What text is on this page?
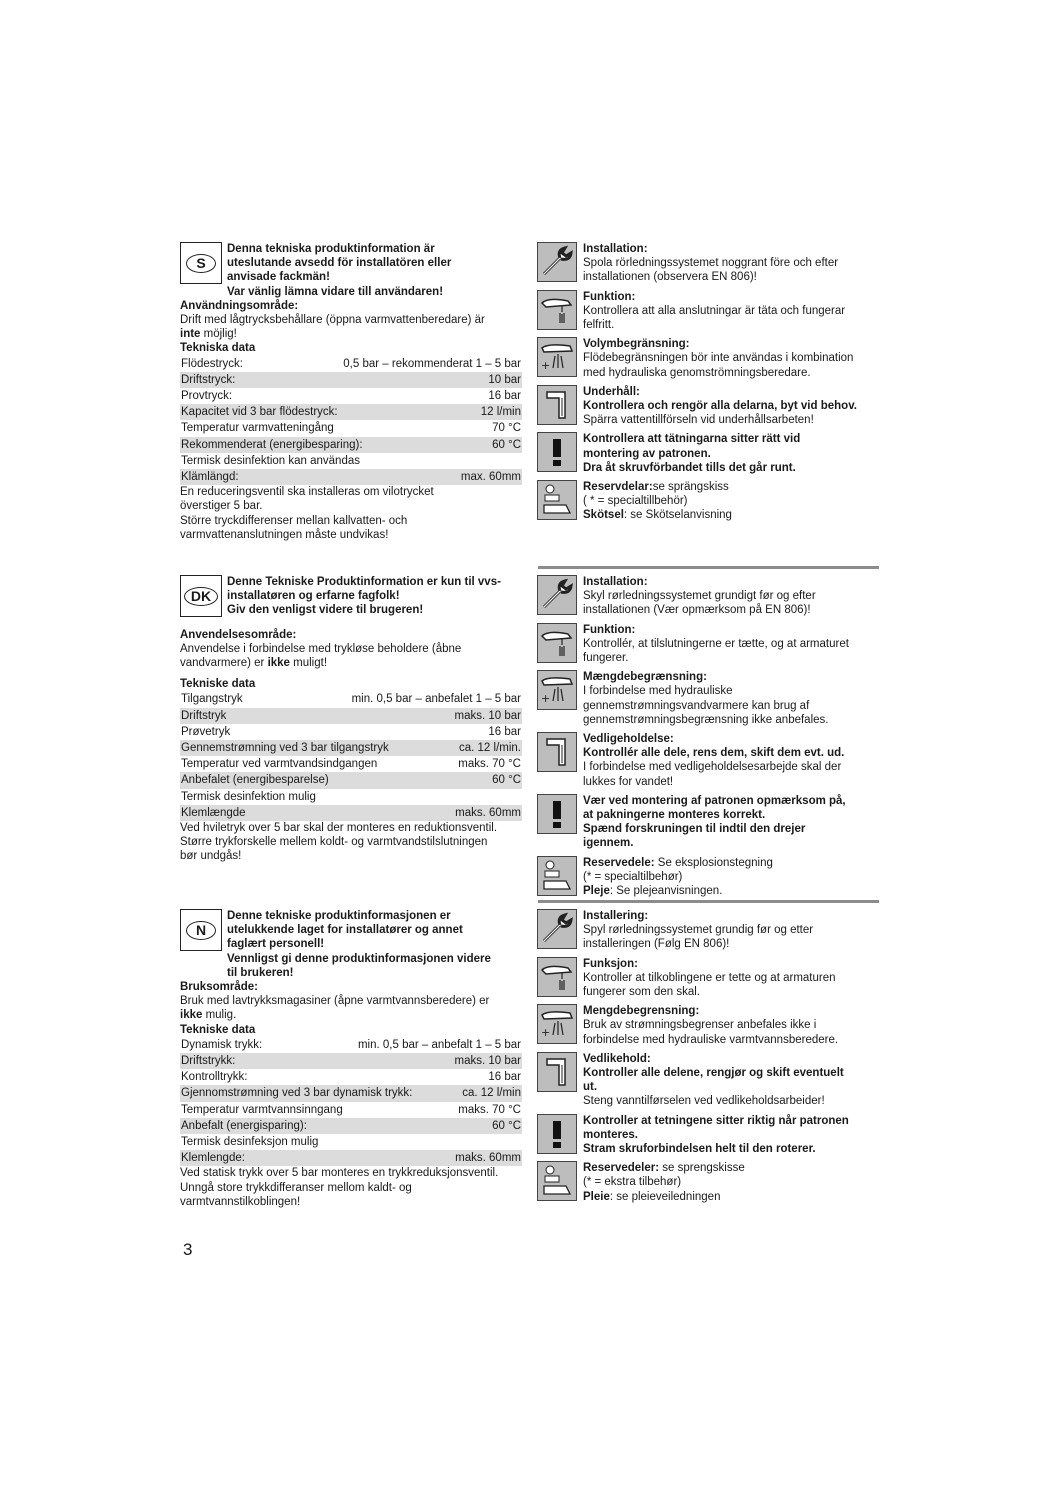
S
Denna tekniska produktinformation är
uteslutande avsedd för installatören eller
anvisade fackmän!
Var vänlig lämna vidare till användaren!
Användningsområde:
Drift med lågtrycksbehållare (öppna varmvattenberedare) är
inte möjlig!
Tekniska data
Flödestryck:	0,5 bar – rekommenderat 1 – 5 bar
Driftstryck:	10 bar
Provtryck:	16 bar
Kapacitet vid 3 bar flödestryck:	12 l/min
Temperatur varmvatteningång	70 °C
Rekommenderat (energibesparing):	60 °C
Termisk desinfektion kan användas
Klämlängd:	max. 60mm
En reduceringsventil ska installeras om vilotrycket
överstiger 5 bar.
Större tryckdifferenser mellan kallvatten- och
varmvattenanslutningen måste undvikas!
Installation:
Spola rörledningssystemet noggrant före och efter
installationen (observera EN 806)!
Funktion:
Kontrollera att alla anslutningar är täta och fungerar
felfritt.
+
Volymbegränsning:
Flödebegränsningen bör inte användas i kombination
med hydrauliska genomströmningsberedare.
Underhåll:
Kontrollera och rengör alla delarna, byt vid behov.
Spärra vattentillförseln vid underhållsarbeten!
Kontrollera att tätningarna sitter rätt vid
montering av patronen.
Dra åt skruvförbandet tills det går runt.
Reservdelar:se sprängskiss
( * = specialtillbehör)
Skötsel: se Skötselanvisning
DK
Denne Tekniske Produktinformation er kun til vvs-
installatøren og erfarne fagfolk!
Giv den venligst videre til brugeren!
Anvendelsesområde:
Anvendelse i forbindelse med trykløse beholdere (åbne
vandvarmere) er ikke muligt!
Tekniske data
Tilgangstryk	min. 0,5 bar – anbefalet 1 – 5 bar
Driftstryk	maks. 10 bar
Prøvetryk	16 bar
Gennemstrømning ved 3 bar tilgangstryk	ca. 12 l/min.
Temperatur ved varmtvandsindgangen	maks. 70 °C
Anbefalet (energibesparelse)	60 °C
Termisk desinfektion mulig
Klemlængde	maks. 60mm
Ved hviletryk over 5 bar skal der monteres en reduktionsventil.
Større trykforskelle mellem koldt- og varmtvandstilslutningen
bør undgås!
Installation:
Skyl rørledningssystemet grundigt før og efter
installationen (Vær opmærksom på EN 806)!
Funktion:
Kontrollér, at tilslutningerne er tætte, og at armaturet
fungerer.
+
Mængdebegrænsning:
I forbindelse med hydrauliske
gennemstrømningsvandvarmere kan brug af
gennemstrømningsbegrænsning ikke anbefales.
Vedligeholdelse:
Kontrollér alle dele, rens dem, skift dem evt. ud.
I forbindelse med vedligeholdelsesarbejde skal der
lukkes for vandet!
Vær ved montering af patronen opmærksom på,
at pakningerne monteres korrekt.
Spænd forskruningen til indtil den drejer
igennem.
Reservedele: Se eksplosionstegning
(* = specialtilbehør)
Pleje: Se plejeanvisningen.
N
Denne tekniske produktinformasjonen er
utelukkende laget for installatører og annet
faglært personell!
Vennligst gi denne produktinformasjonen videre
til brukeren!
Bruksområde:
Bruk med lavtrykksmagasiner (åpne varmtvannsberedere) er
ikke mulig.
Tekniske data
Dynamisk trykk:	min. 0,5 bar – anbefalt 1 – 5 bar
Driftstrykk:	maks. 10 bar
Kontrolltrykk:	16 bar
Gjennomstrømning ved 3 bar dynamisk trykk:	ca. 12 l/min
Temperatur varmtvannsinngang	maks. 70 °C
Anbefalt (energisparing):	60 °C
Termisk desinfeksjon mulig
Klemlengde:	maks. 60mm
Ved statisk trykk over 5 bar monteres en trykkreduksjonsventil.
Unngå store trykkdifferanser mellom kaldt- og
varmtvannstilkoblingen!
Installering:
Spyl rørledningssystemet grundig før og etter
installeringen (Følg EN 806)!
Funksjon:
Kontroller at tilkoblingene er tette og at armaturen
fungerer som den skal.
+
Mengdebegrensning:
Bruk av strømningsbegrenser anbefales ikke i
forbindelse med hydrauliske varmtvannsberedere.
Vedlikehold:
Kontroller alle delene, rengjør og skift eventuelt
ut.
Steng vanntilførselen ved vedlikeholdsarbeider!
Kontroller at tetningene sitter riktig når patronen
monteres.
Stram skruforbindelsen helt til den roterer.
Reservedeler: se sprengskisse
(* = ekstra tilbehør)
Pleie: se pleieveiledningen
3
